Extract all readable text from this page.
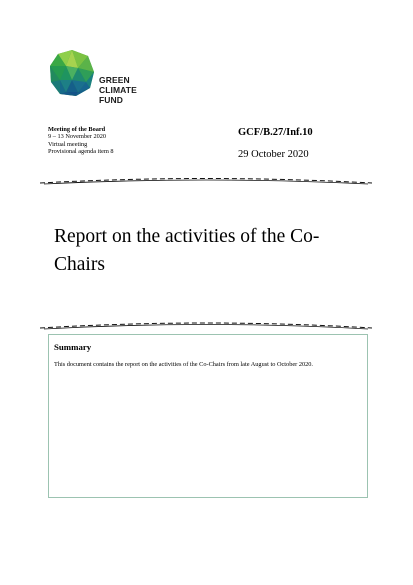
GREEN
CLIMATE
FUND
Meeting of the Board
9 – 13 November 2020
Virtual meeting
Provisional agenda item 8
GCF/B.27/Inf.10
29 October 2020
Report on the activities of the Co-Chairs
Summary
This document contains the report on the activities of the Co-Chairs from late August to October 2020.
